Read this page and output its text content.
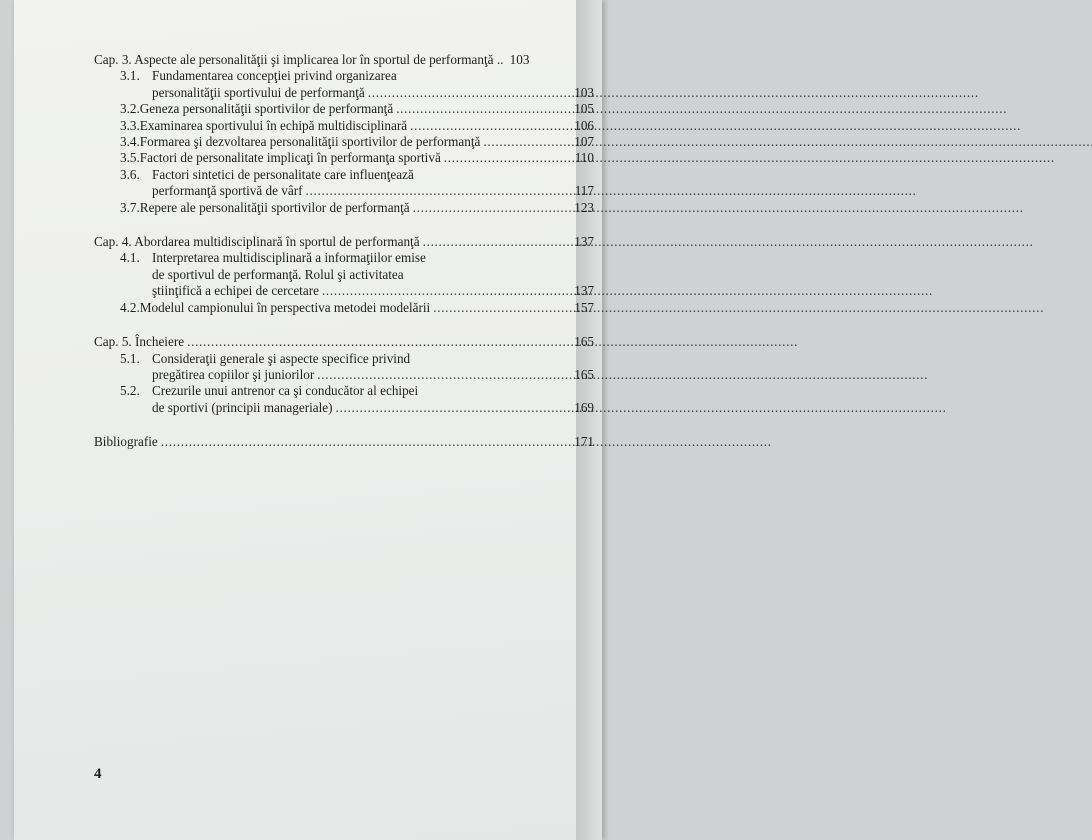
Cap. 3. Aspecte ale personalităţii şi implicarea lor în sportul de performanţă .. 103
3.1. Fundamentarea concepţiei privind organizarea
personalităţii sportivului de performanţă . . .	103
3.2. Geneza personalităţii sportivilor de performanţă . . .	105
3.3. Examinarea sportivului în echipă multidisciplinară . . .	106
3.4. Formarea şi dezvoltarea personalităţii sportivilor de performanţă . . .	107
3.5. Factori de personalitate implicaţi în performanţa sportivă . . .	110
3.6. Factori sintetici de personalitate care influenţează
performanţă sportivă de vârf . . .	117
3.7. Repere ale personalităţii sportivilor de performanţă . . .	123
Cap. 4. Abordarea multidisciplinară în sportul de performanţă . . .	137
4.1. Interpretarea multidisciplinară a informaţiilor emise
de sportivul de performanţă. Rolul şi activitatea
ştiinţifică a echipei de cercetare . . .	137
4.2. Modelul campionului în perspectiva metodei modelării . . .	157
Cap. 5. Încheiere . . .	165
5.1. Consideraţii generale şi aspecte specifice privind
pregătirea copiilor şi juniorilor . . .	165
5.2. Crezurile unui antrenor ca şi conducător al echipei
de sportivi (principii manageriale) . . .	169
Bibliografie . . .	171
4
